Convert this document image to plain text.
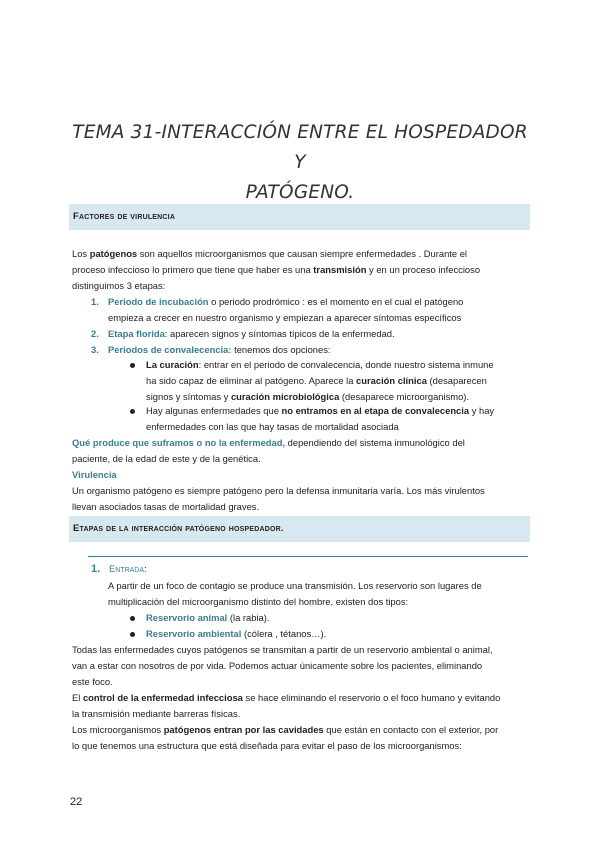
TEMA 31-INTERACCIÓN ENTRE EL HOSPEDADOR Y
PATÓGENO.
Factores de virulencia
Los patógenos son aquellos microorganismos que causan siempre enfermedades . Durante el
proceso infeccioso lo primero que tiene que haber es una transmisión y en un proceso infeccioso
distinguimos 3 etapas:
1. Periodo de incubación o periodo prodrómico : es el momento en el cual el patógeno
empieza a crecer en nuestro organismo y empiezan a aparecer síntomas específicos
2. Etapa florida: aparecen signos y síntomas típicos de la enfermedad.
3. Periodos de convalecencia: tenemos dos opciones:
La curación: entrar en el periodo de convalecencia, donde nuestro sistema inmune
ha sido capaz de eliminar al patógeno. Aparece la curación clínica (desaparecen
signos y síntomas y curación microbiológica (desaparece microorganismo).
Hay algunas enfermedades que no entramos en al etapa de convalecencia y hay
enfermedades con las que hay tasas de mortalidad asociada
Qué produce que suframos o no la enfermedad, dependiendo del sistema inmunológico del
paciente, de la edad de este y de la genética.
Virulencia
Un organismo patógeno es siempre patógeno pero la defensa inmunitaria varía. Los más virulentos
llevan asociados tasas de mortalidad graves.
Etapas de la interacción patógeno hospedador.
1. Entrada:
A partir de un foco de contagio se produce una transmisión. Los reservorio son lugares de
multiplicación del microorganismo distinto del hombre, existen dos tipos:
Reservorio animal (la rabia).
Reservorio ambiental (cólera , tétanos…).
Todas las enfermedades cuyos patógenos se transmitan a partir de un reservorio ambiental o animal,
van a estar con nosotros de por vida. Podemos actuar únicamente sobre los pacientes, eliminando
este foco.
El control de la enfermedad infecciosa se hace eliminando el reservorio o el foco humano y evitando
la transmisión mediante barreras físicas.
Los microorganismos patógenos entran por las cavidades que están en contacto con el exterior, por
lo que tenemos una estructura que está diseñada para evitar el paso de los microorganismos:
22
